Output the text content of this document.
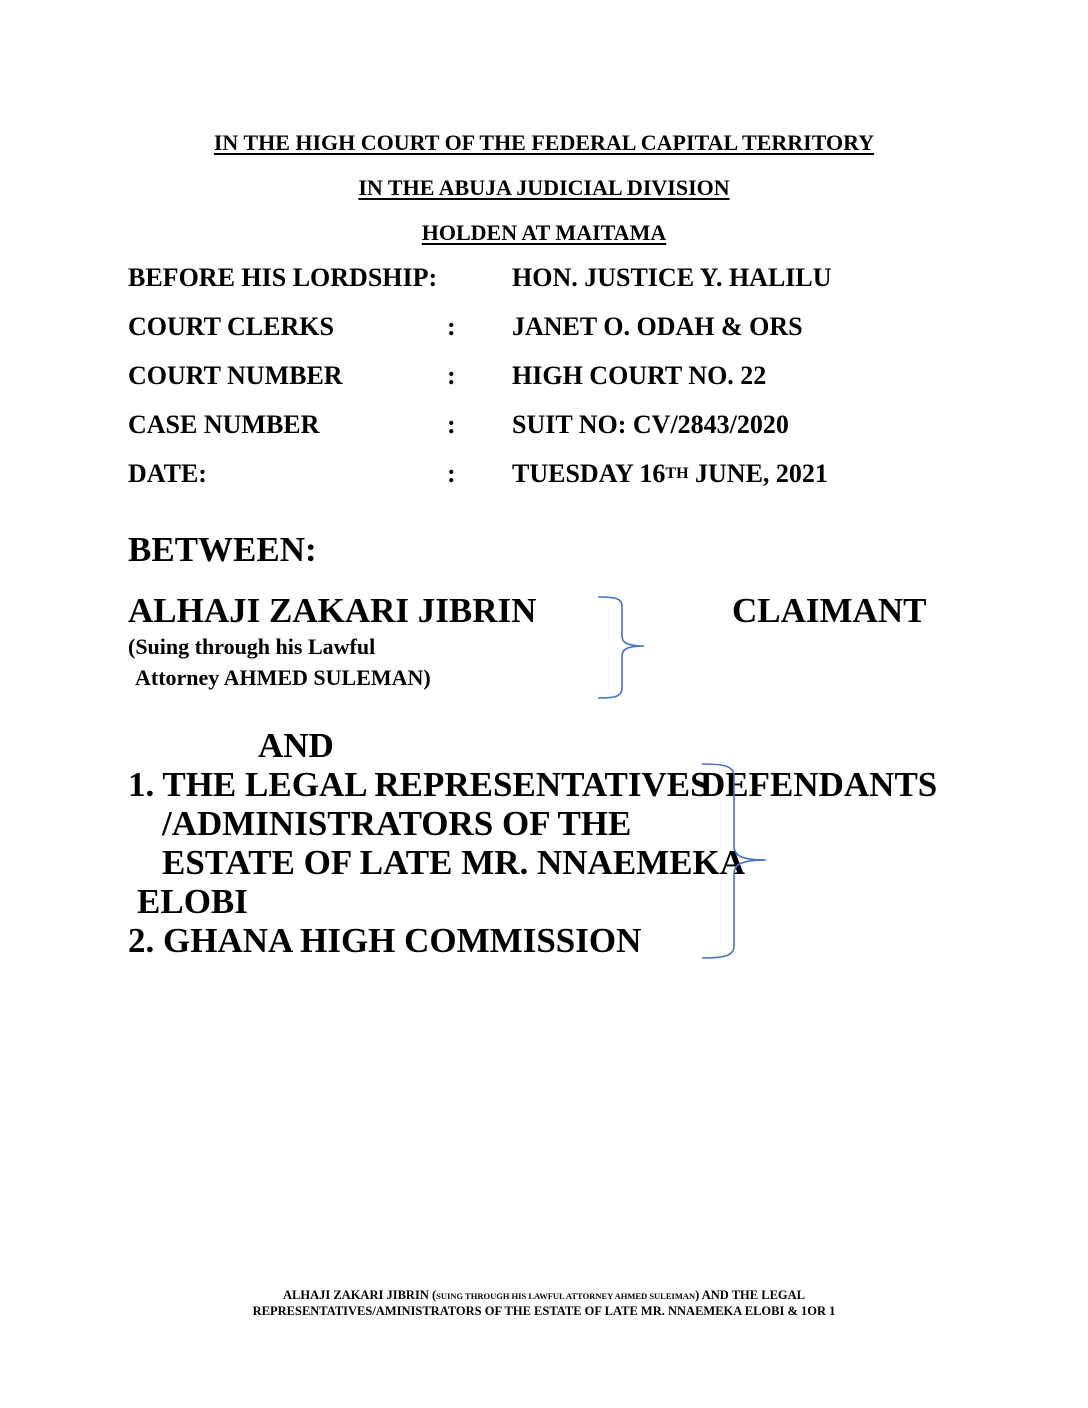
IN THE HIGH COURT OF THE FEDERAL CAPITAL TERRITORY
IN THE ABUJA JUDICIAL DIVISION
HOLDEN AT MAITAMA
BEFORE HIS LORDSHIP:	HON. JUSTICE Y. HALILU
COURT CLERKS	: JANET O. ODAH & ORS
COURT NUMBER	: HIGH COURT NO. 22
CASE NUMBER	: SUIT NO: CV/2843/2020
DATE:	: TUESDAY 16TH JUNE, 2021
BETWEEN:
ALHAJI ZAKARI JIBRIN
(Suing through his Lawful
Attorney AHMED SULEMAN)
CLAIMANT
AND
1. THE LEGAL REPRESENTATIVES
DEFENDANTS
/ADMINISTRATORS OF THE
ESTATE OF LATE MR. NNAEMEKA
ELOBI
2. GHANA HIGH COMMISSION
ALHAJI ZAKARI JIBRIN (SUING THROUGH HIS LAWFUL ATTORNEY AHMED SULEIMAN) AND THE LEGAL
REPRESENTATIVES/AMINISTRATORS OF THE ESTATE OF LATE MR. NNAEMEKA ELOBI & 1OR 1
